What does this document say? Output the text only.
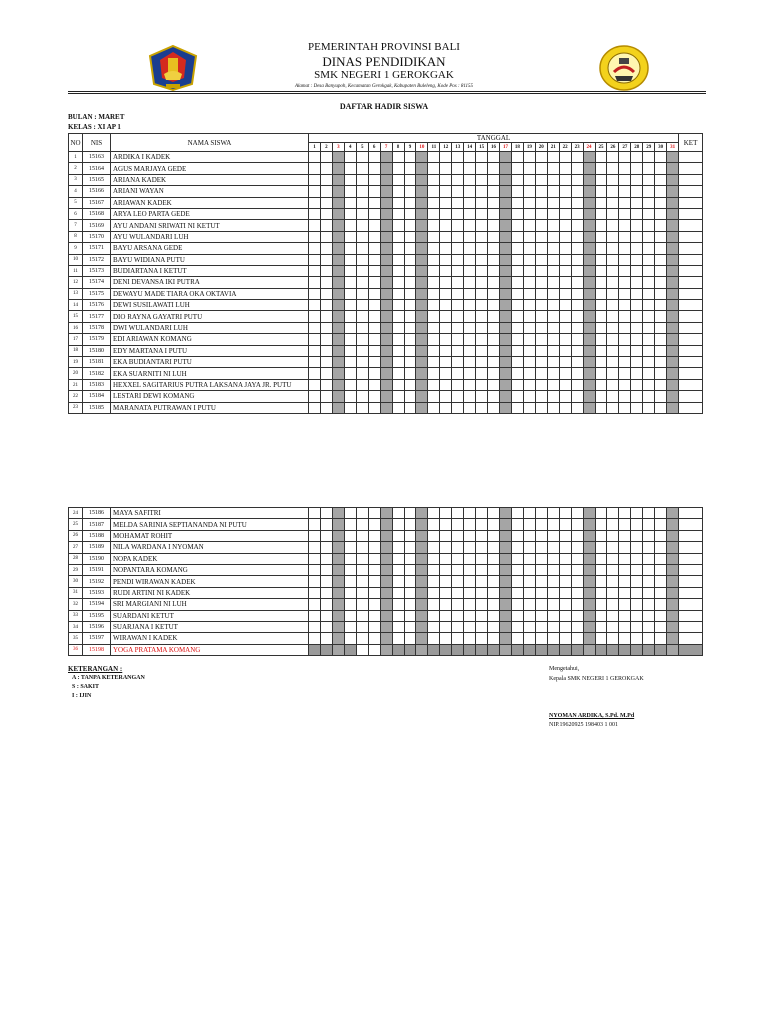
PEMERINTAH PROVINSI BALI
DINAS PENDIDIKAN
SMK NEGERI 1 GEROKGAK
Alamat : Desa Banyupoh, Kecamatan Gerokgak, Kabupaten Buleleng, Kode Pos : 81155
DAFTAR HADIR SISWA
BULAN : MARET
KELAS : XI AP 1
NO	NIS	NAMA SISWA	TANGGAL																															KET
			1	2	3	4	5	6	7	8	9	10	11	12	13	14	15	16	17	18	19	20	21	22	23	24	25	26	27	28	29	30	31	
1	15163	ARDIKA I KADEK																																
2	15164	AGUS MARJAYA GEDE																																
3	15165	ARIANA KADEK																																
4	15166	ARIANI WAYAN																																
5	15167	ARIAWAN KADEK																																
6	15168	ARYA LEO PARTA GEDE																																
7	15169	AYU ANDANI SRIWATI NI KETUT																																
8	15170	AYU WULANDARI LUH																																
9	15171	BAYU ARSANA GEDE																																
10	15172	BAYU WIDIANA PUTU																																
11	15173	BUDIARTANA I KETUT																																
12	15174	DENI DEVANSA IKI PUTRA																																
13	15175	DEWAYU MADE TIARA OKA OKTAVIA																																
14	15176	DEWI SUSILAWATI LUH																																
15	15177	DIO RAYNA GAYATRI PUTU																																
16	15178	DWI WULANDARI LUH																																
17	15179	EDI ARIAWAN KOMANG																																
18	15180	EDY MARTANA I PUTU																																
19	15181	EKA BUDIANTARI PUTU																																
20	15182	EKA SUARNITI NI LUH																																
21	15183	HEXXEL SAGITARIUS PUTRA LAKSANA JAYA JR. PUTU																																
22	15184	LESTARI DEWI KOMANG																																
23	15185	MARANATA PUTRAWAN I PUTU																																
24	15186	MAYA SAFITRI																																
25	15187	MELDA SARINIA SEPTIANANDA NI PUTU																																
26	15188	MOHAMAT ROHIT																																
27	15189	NILA WARDANA I NYOMAN																																
28	15190	NOPA KADEK																																
29	15191	NOPANTARA KOMANG																																
30	15192	PENDI WIRAWAN KADEK																																
31	15193	RUDI ARTINI NI KADEK																																
32	15194	SRI MARGIANI NI LUH																																
33	15195	SUARDANI KETUT																																
34	15196	SUARJANA I KETUT																																
35	15197	WIRAWAN I KADEK																																
36	15198	YOGA PRATAMA KOMANG																																
KETERANGAN :
A : TANPA KETERANGAN
S : SAKIT
I : IJIN
Mengetahui,
Kepala SMK NEGERI 1 GEROKGAK
NYOMAN ARDIKA, S.Pd. M.Pd
NIP.19620925 198403 1 001
